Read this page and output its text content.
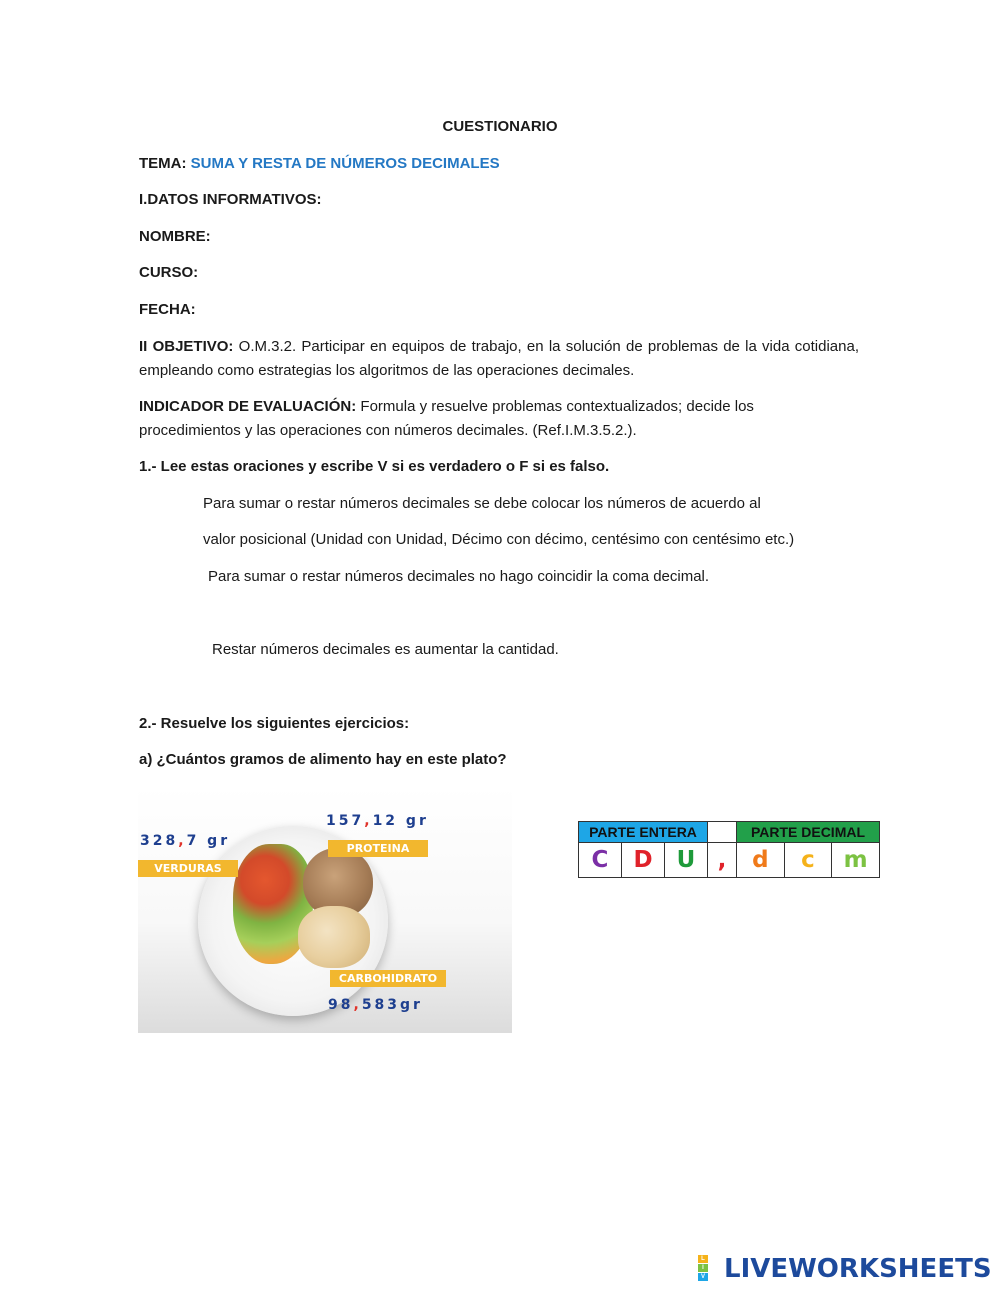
CUESTIONARIO
TEMA: SUMA Y RESTA DE NÚMEROS DECIMALES
I.DATOS INFORMATIVOS:
NOMBRE:
CURSO:
FECHA:
II OBJETIVO: O.M.3.2. Participar en equipos de trabajo, en la solución de problemas de la vida cotidiana, empleando como estrategias los algoritmos de las operaciones decimales.
INDICADOR DE EVALUACIÓN: Formula y resuelve problemas contextualizados; decide los procedimientos y las operaciones con números decimales. (Ref.I.M.3.5.2.).
1.- Lee estas oraciones y escribe V si es verdadero o F si es falso.
Para sumar o restar números decimales se debe colocar los números de acuerdo al
valor posicional (Unidad con Unidad, Décimo con décimo, centésimo con centésimo etc.)
Para sumar o restar números decimales no hago coincidir la coma decimal.
Restar números decimales es aumentar la cantidad.
2.- Resuelve los siguientes ejercicios:
a) ¿Cuántos gramos de alimento hay en este plato?
328,7 gr
VERDURAS
157,12 gr
PROTEINA
CARBOHIDRATO
98,583gr
PARTE ENTERA				PARTE DECIMAL		
C	D	U	,	d	c	m
L
I
V LIVEWORKSHEETS
